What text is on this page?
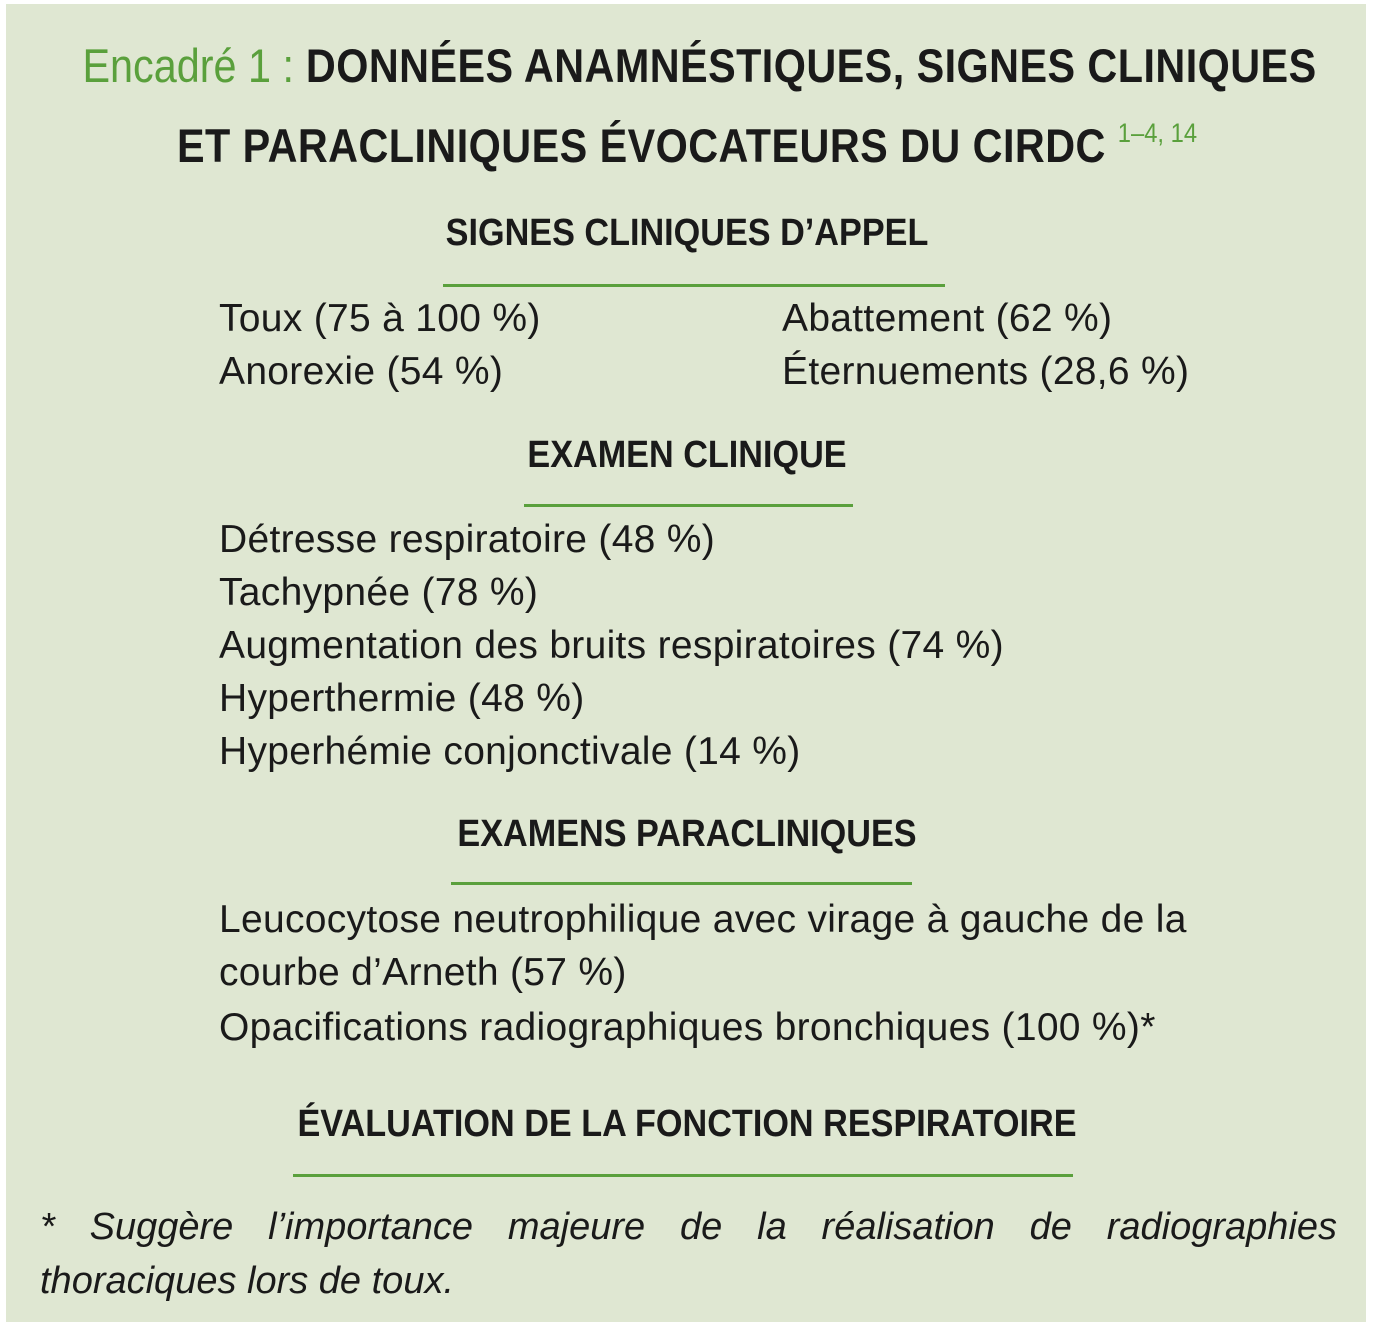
Encadré 1 : DONNÉES ANAMNÉSTIQUES, SIGNES CLINIQUES
ET PARACLINIQUES ÉVOCATEURS DU CIRDC $^{1-4, 14}$
SIGNES CLINIQUES D’APPEL
Toux (75 à 100 %)
Anorexie (54 %)
Abattement (62 %)
Éternuements (28,6 %)
EXAMEN CLINIQUE
Détresse respiratoire (48 %)
Tachypnée (78 %)
Augmentation des bruits respiratoires (74 %)
Hyperthermie (48 %)
Hyperhémie conjonctivale (14 %)
EXAMENS PARACLINIQUES
Leucocytose neutrophilique avec virage à gauche de la
courbe d’Arneth (57 %)
Opacifications radiographiques bronchiques (100 %)*
ÉVALUATION DE LA FONCTION RESPIRATOIRE
* Suggère l’importance majeure de la réalisation de radiographies thoraciques lors de toux.
